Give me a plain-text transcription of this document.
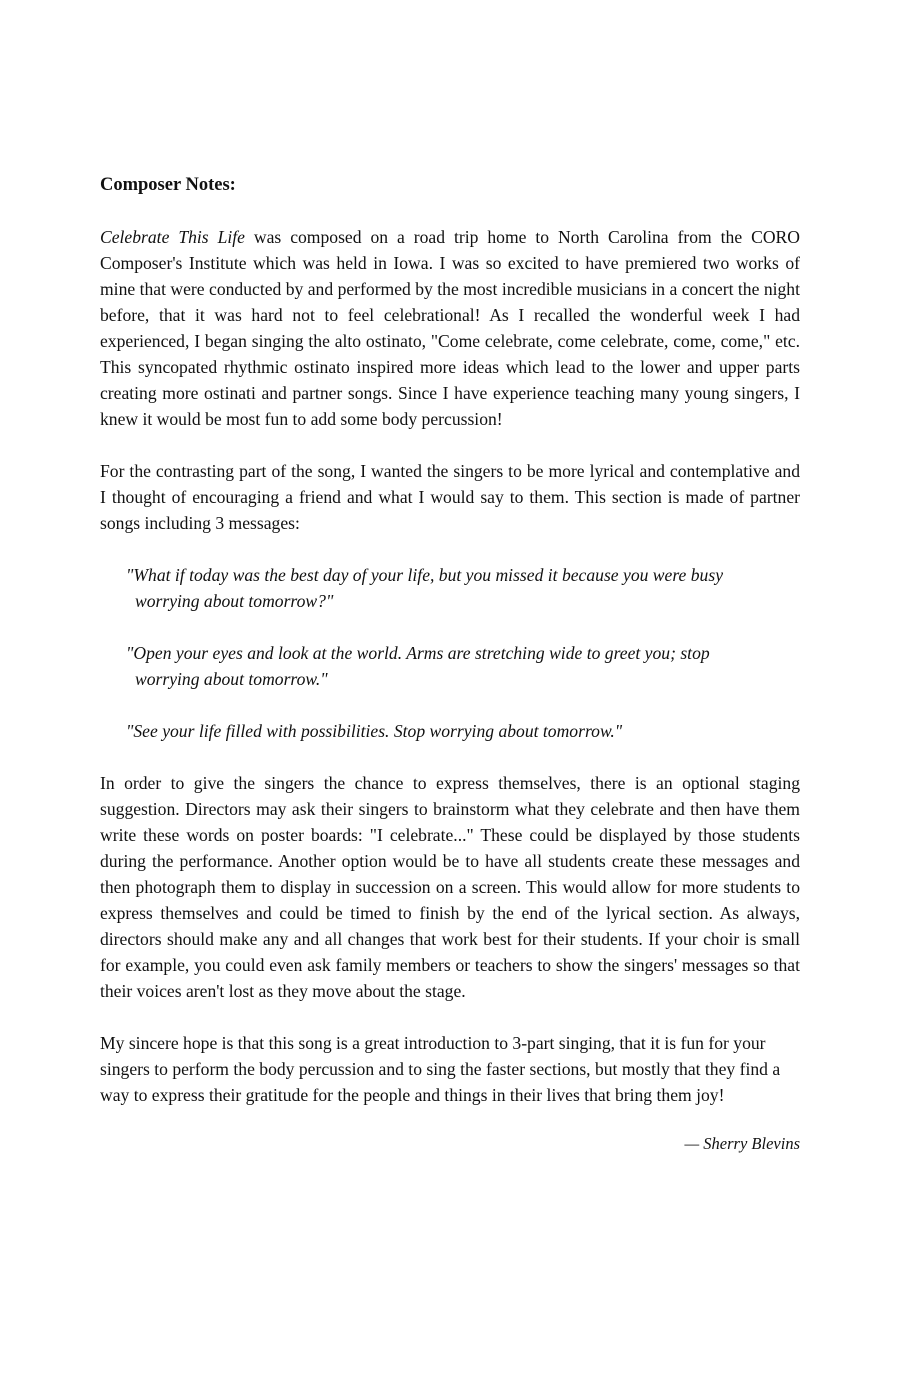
Composer Notes:

Celebrate This Life was composed on a road trip home to North Carolina from the CORO Composer's Institute which was held in Iowa. I was so excited to have premiered two works of mine that were conducted by and performed by the most incredible musicians in a concert the night before, that it was hard not to feel celebrational! As I recalled the wonderful week I had experienced, I began singing the alto ostinato, "Come celebrate, come celebrate, come, come," etc. This syncopated rhythmic ostinato inspired more ideas which lead to the lower and upper parts creating more ostinati and partner songs. Since I have experience teaching many young singers, I knew it would be most fun to add some body percussion!

For the contrasting part of the song, I wanted the singers to be more lyrical and contemplative and I thought of encouraging a friend and what I would say to them. This section is made of partner songs including 3 messages:

"What if today was the best day of your life, but you missed it because you were busy worrying about tomorrow?"

"Open your eyes and look at the world. Arms are stretching wide to greet you; stop worrying about tomorrow."

"See your life filled with possibilities. Stop worrying about tomorrow."

In order to give the singers the chance to express themselves, there is an optional staging suggestion. Directors may ask their singers to brainstorm what they celebrate and then have them write these words on poster boards: "I celebrate..." These could be displayed by those students during the performance. Another option would be to have all students create these messages and then photograph them to display in succession on a screen. This would allow for more students to express themselves and could be timed to finish by the end of the lyrical section. As always, directors should make any and all changes that work best for their students. If your choir is small for example, you could even ask family members or teachers to show the singers' messages so that their voices aren't lost as they move about the stage.

My sincere hope is that this song is a great introduction to 3-part singing, that it is fun for your singers to perform the body percussion and to sing the faster sections, but mostly that they find a way to express their gratitude for the people and things in their lives that bring them joy!

— Sherry Blevins
